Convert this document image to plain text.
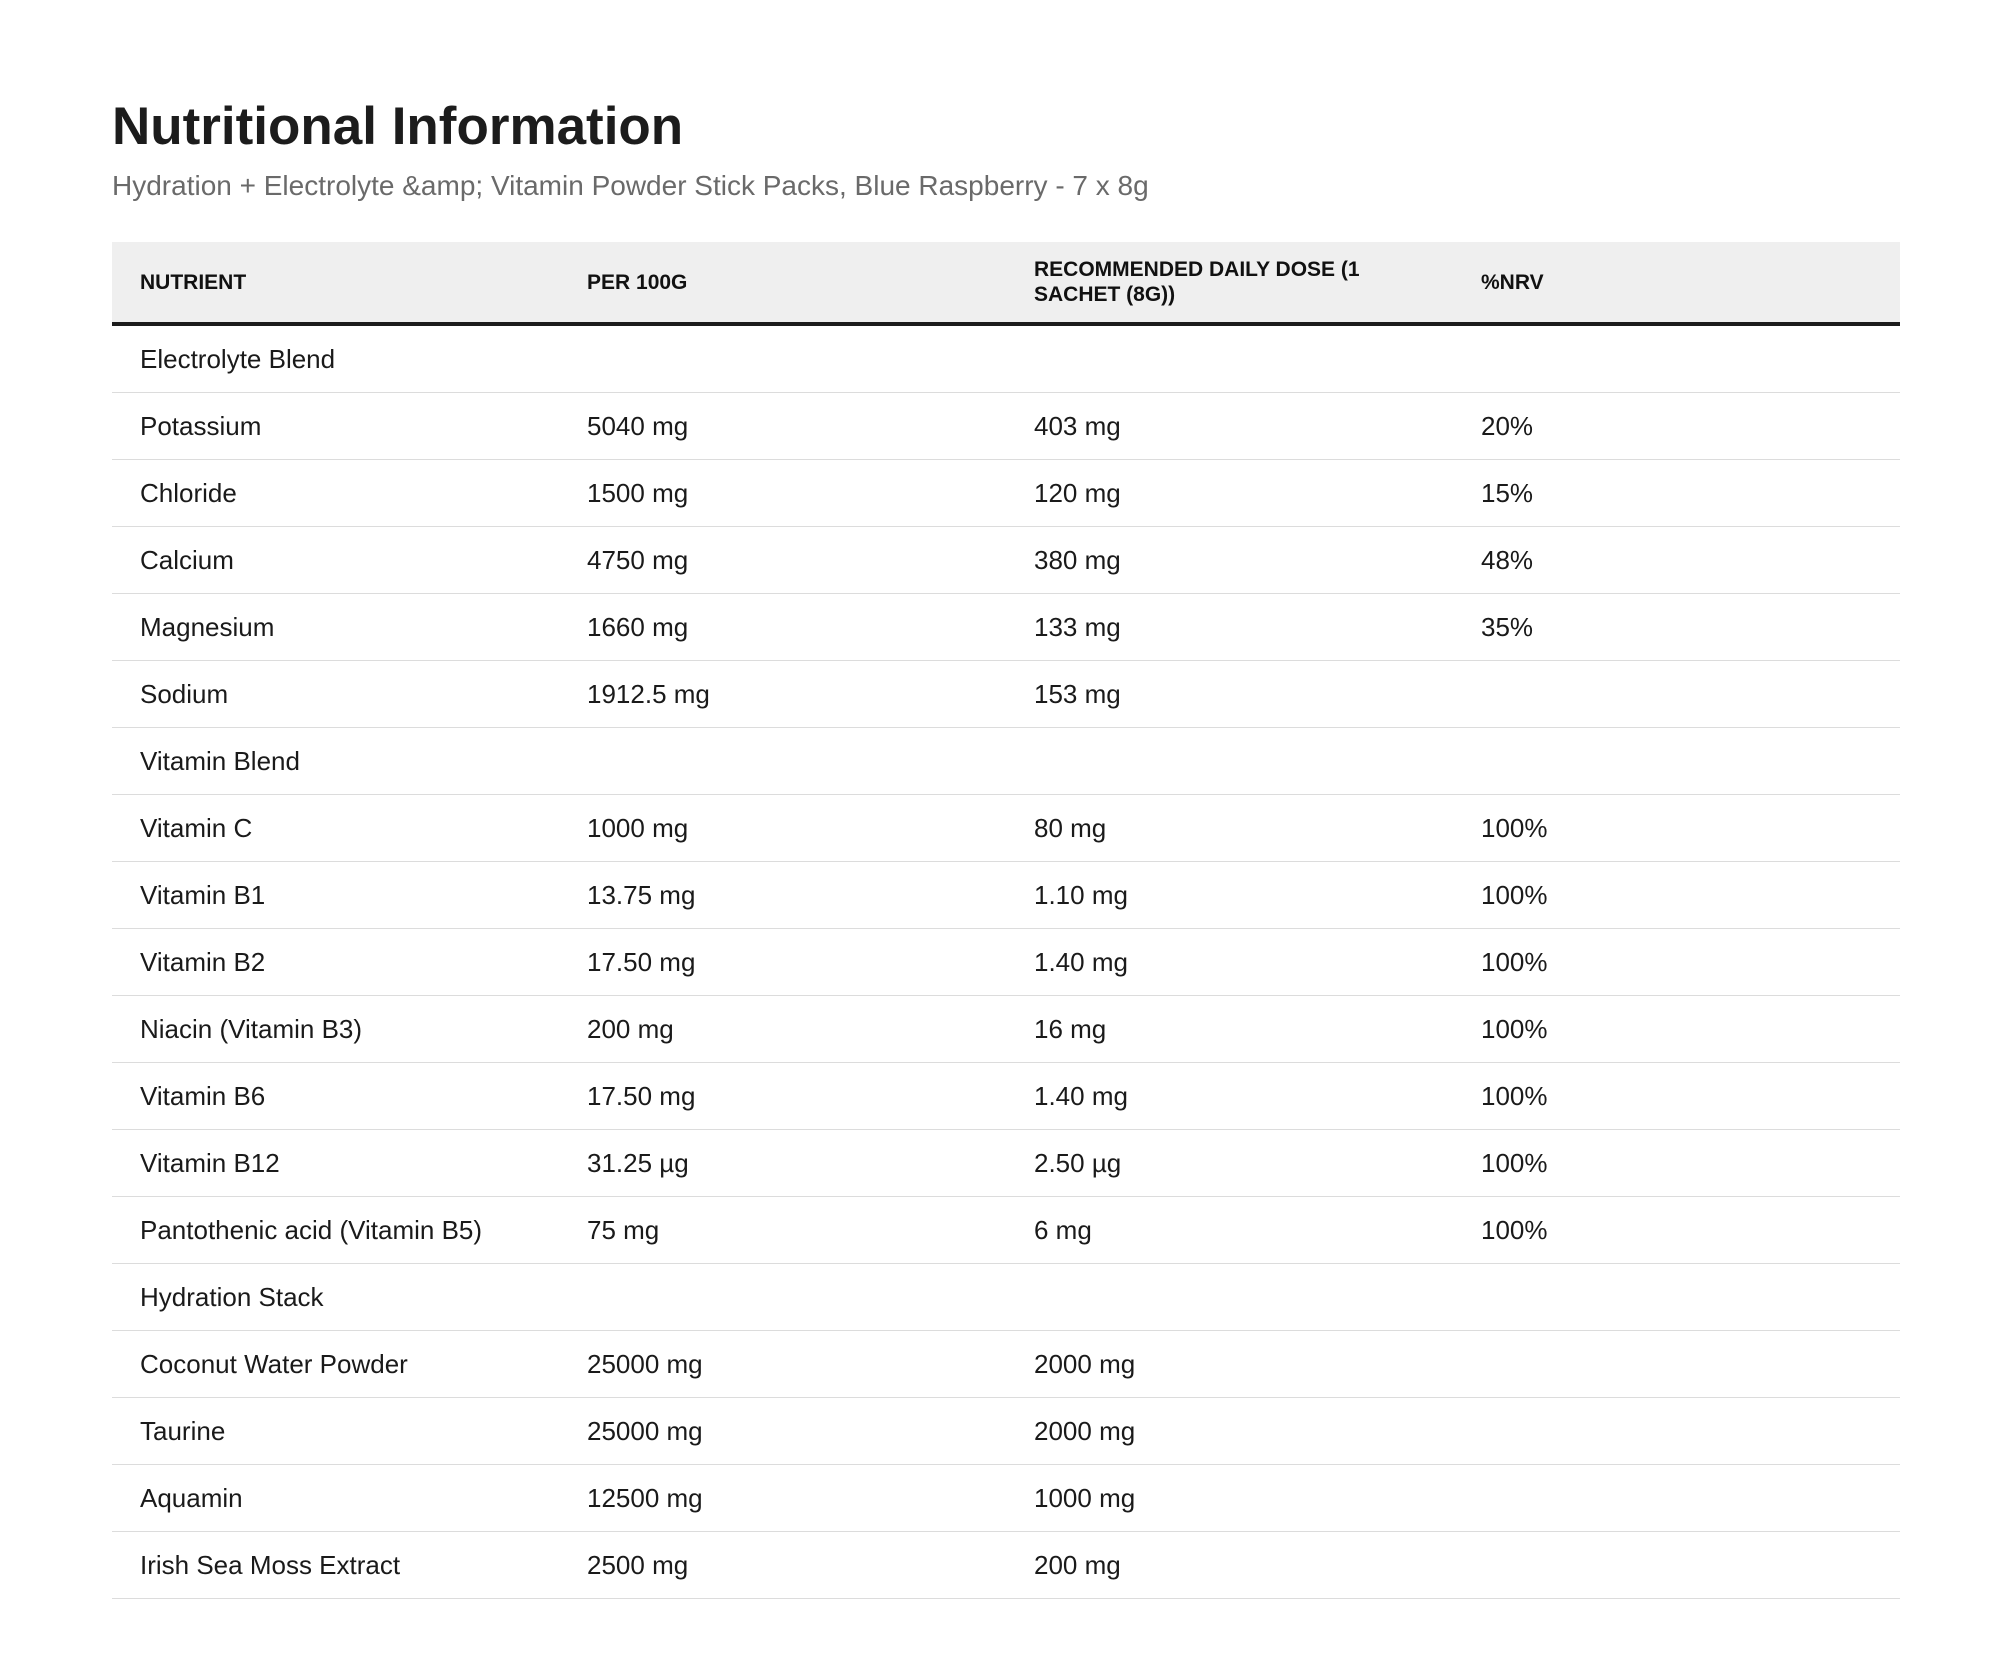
Nutritional Information

Hydration + Electrolyte &amp; Vitamin Powder Stick Packs, Blue Raspberry - 7 x 8g

NUTRIENT	PER 100G	RECOMMENDED DAILY DOSE (1 SACHET (8G))	%NRV

Electrolyte Blend			
Potassium	5040 mg	403 mg	20%
Chloride	1500 mg	120 mg	15%
Calcium	4750 mg	380 mg	48%
Magnesium	1660 mg	133 mg	35%
Sodium	1912.5 mg	153 mg	
Vitamin Blend			
Vitamin C	1000 mg	80 mg	100%
Vitamin B1	13.75 mg	1.10 mg	100%
Vitamin B2	17.50 mg	1.40 mg	100%
Niacin (Vitamin B3)	200 mg	16 mg	100%
Vitamin B6	17.50 mg	1.40 mg	100%
Vitamin B12	31.25 µg	2.50 µg	100%
Pantothenic acid (Vitamin B5)	75 mg	6 mg	100%
Hydration Stack			
Coconut Water Powder	25000 mg	2000 mg	
Taurine	25000 mg	2000 mg	
Aquamin	12500 mg	1000 mg	
Irish Sea Moss Extract	2500 mg	200 mg	
